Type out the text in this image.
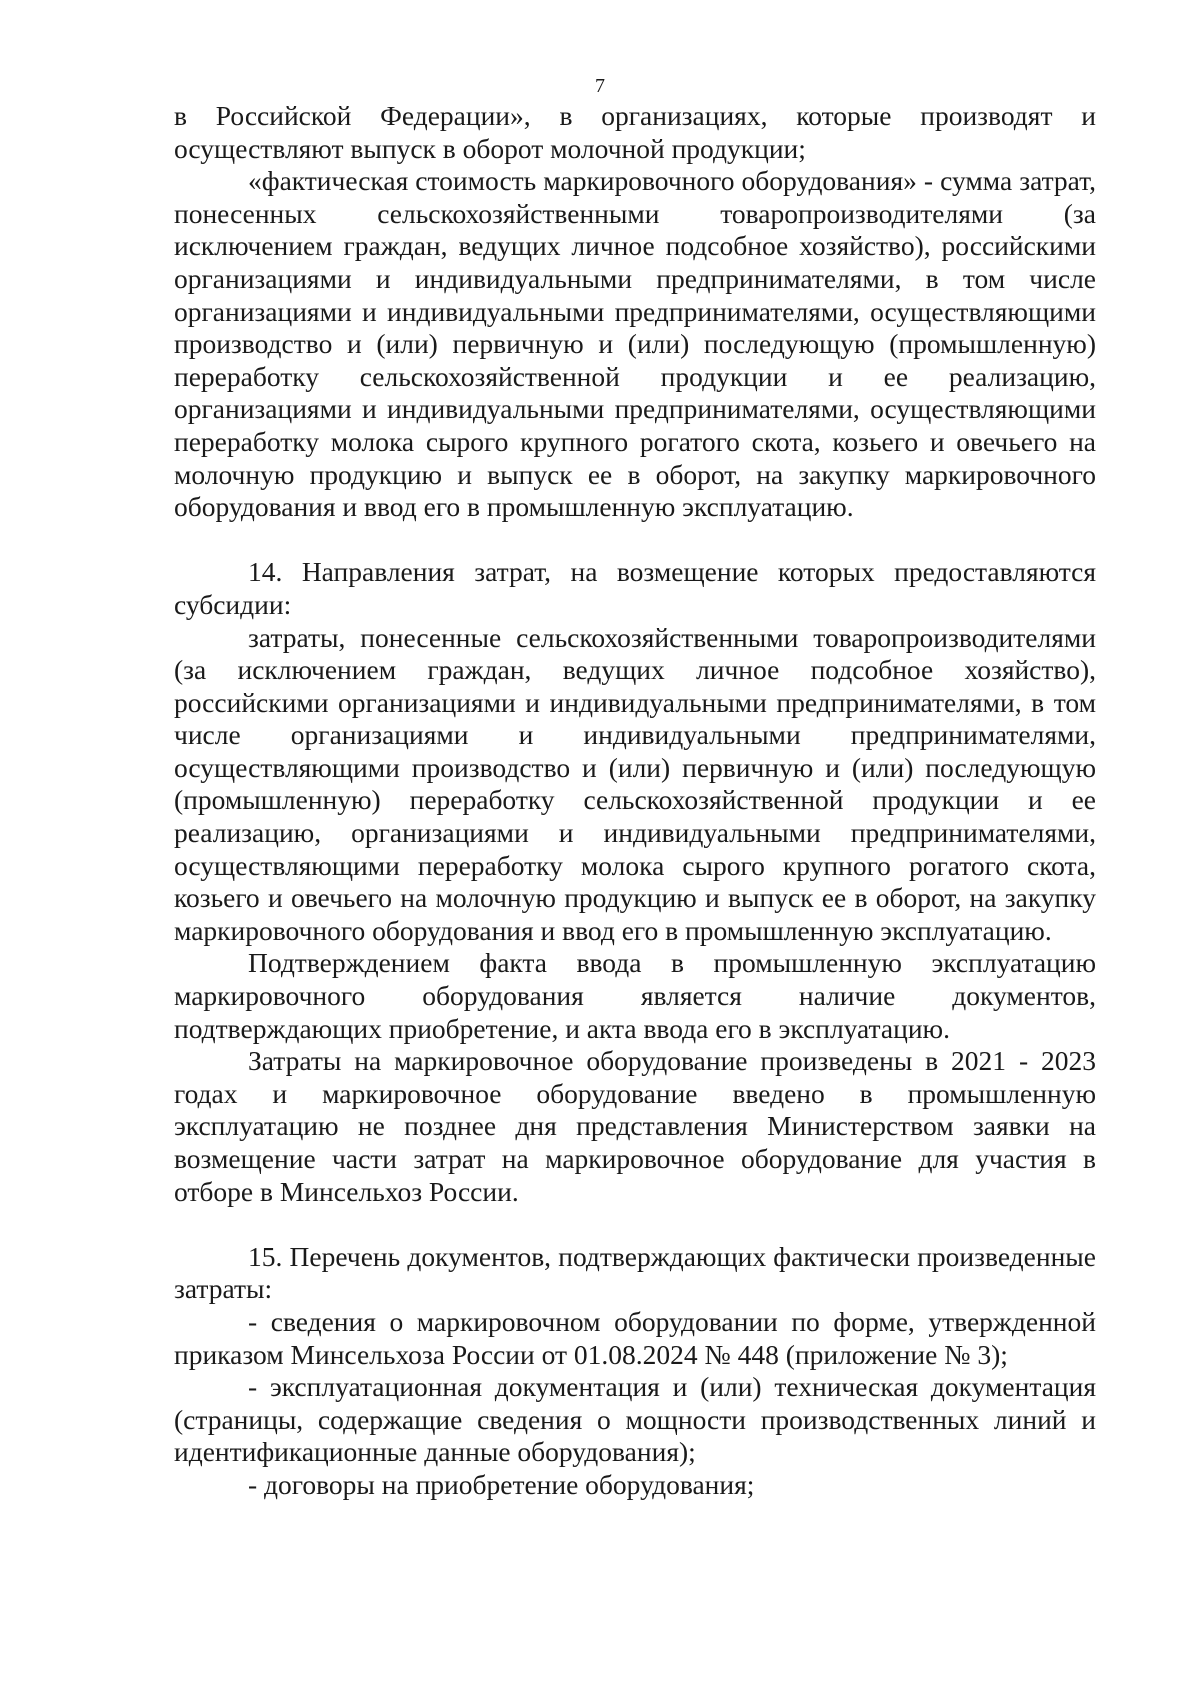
7

в Российской Федерации», в организациях, которые производят и осуществляют выпуск в оборот молочной продукции;

«фактическая стоимость маркировочного оборудования» - сумма затрат, понесенных сельскохозяйственными товаропроизводителями (за исключением граждан, ведущих личное подсобное хозяйство), российскими организациями и индивидуальными предпринимателями, в том числе организациями и индивидуальными предпринимателями, осуществляющими производство и (или) первичную и (или) последующую (промышленную) переработку сельскохозяйственной продукции и ее реализацию, организациями и индивидуальными предпринимателями, осуществляющими переработку молока сырого крупного рогатого скота, козьего и овечьего на молочную продукцию и выпуск ее в оборот, на закупку маркировочного оборудования и ввод его в промышленную эксплуатацию.

14. Направления затрат, на возмещение которых предоставляются субсидии:

затраты, понесенные сельскохозяйственными товаропроизводителями (за исключением граждан, ведущих личное подсобное хозяйство), российскими организациями и индивидуальными предпринимателями, в том числе организациями и индивидуальными предпринимателями, осуществляющими производство и (или) первичную и (или) последующую (промышленную) переработку сельскохозяйственной продукции и ее реализацию, организациями и индивидуальными предпринимателями, осуществляющими переработку молока сырого крупного рогатого скота, козьего и овечьего на молочную продукцию и выпуск ее в оборот, на закупку маркировочного оборудования и ввод его в промышленную эксплуатацию.

Подтверждением факта ввода в промышленную эксплуатацию маркировочного оборудования является наличие документов, подтверждающих приобретение, и акта ввода его в эксплуатацию.

Затраты на маркировочное оборудование произведены в 2021 - 2023 годах и маркировочное оборудование введено в промышленную эксплуатацию не позднее дня представления Министерством заявки на возмещение части затрат на маркировочное оборудование для участия в отборе в Минсельхоз России.

15. Перечень документов, подтверждающих фактически произведенные затраты:

- сведения о маркировочном оборудовании по форме, утвержденной приказом Минсельхоза России от 01.08.2024 № 448 (приложение № 3);

- эксплуатационная документация и (или) техническая документация (страницы, содержащие сведения о мощности производственных линий и идентификационные данные оборудования);

- договоры на приобретение оборудования;
